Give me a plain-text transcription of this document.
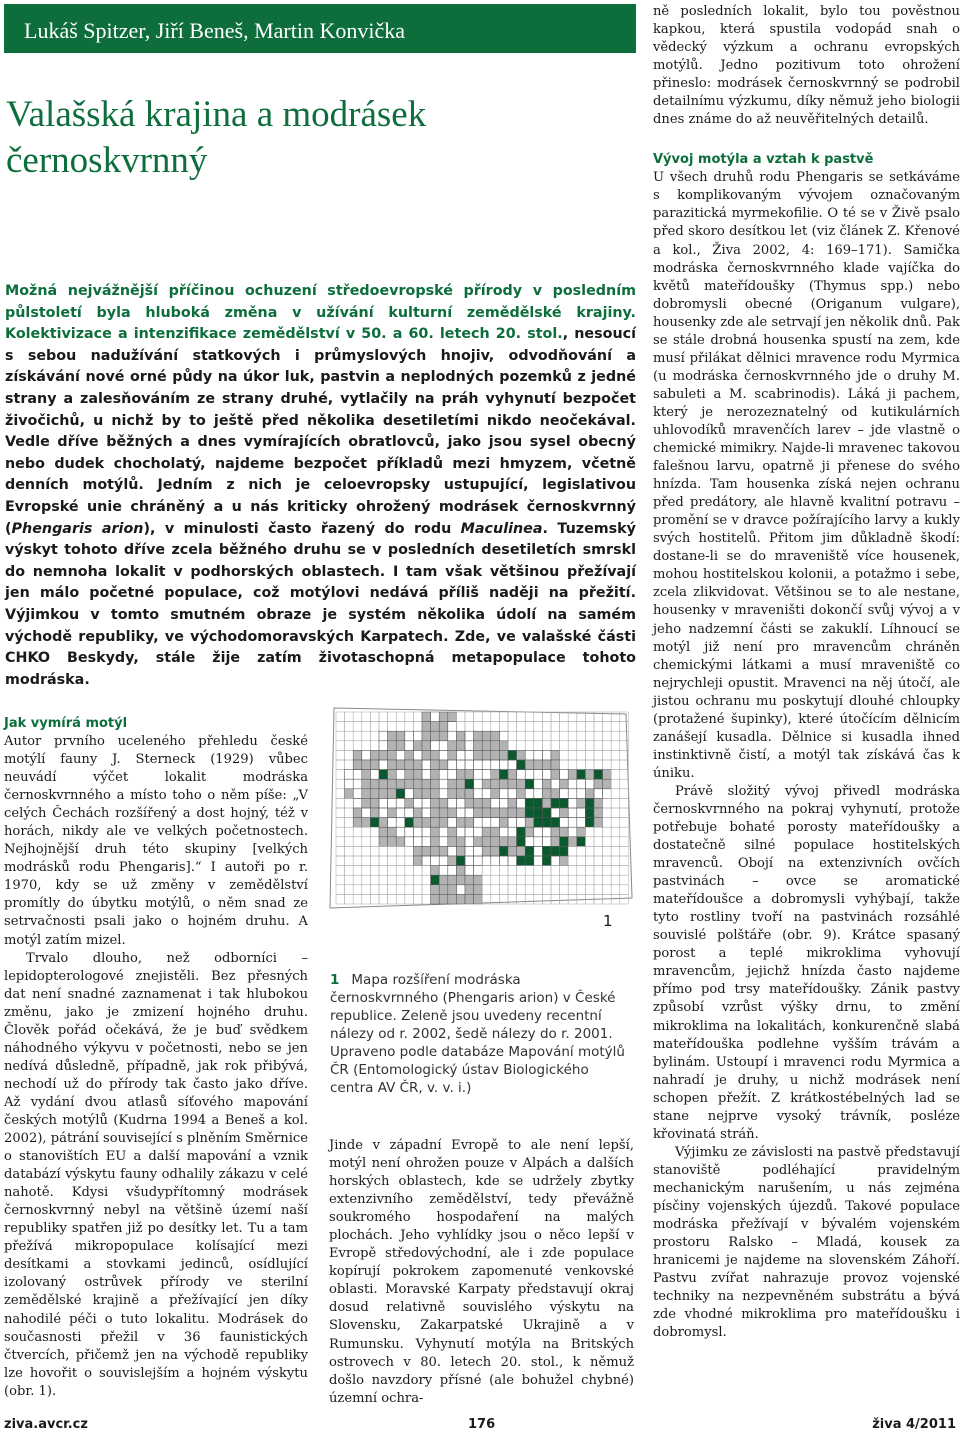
Lukáš Spitzer, Jiří Beneš, Martin Konvička
Valašská krajina a modrásek černoskvrnný
Možná nejvážnější příčinou ochuzení středoevropské přírody v posledním půlstoletí byla hluboká změna v užívání kulturní zemědělské krajiny. Kolektivizace a intenzifikace zemědělství v 50. a 60. letech 20. stol., nesoucí s sebou nadužívání statkových i průmyslových hnojiv, odvodňování a získávání nové orné půdy na úkor luk, pastvin a neplodných pozemků z jedné strany a zalesňováním ze strany druhé, vytlačily na práh vyhynutí bezpočet živočichů, u nichž by to ještě před několika desetiletími nikdo neočekával. Vedle dříve běžných a dnes vymírajících obratlovců, jako jsou sysel obecný nebo dudek chocholatý, najdeme bezpočet příkladů mezi hmyzem, včetně denních motýlů. Jedním z nich je celoevropsky ustupující, legislativou Evropské unie chráněný a u nás kriticky ohrožený modrásek černoskvrnný (Phengaris arion), v minulosti často řazený do rodu Maculinea. Tuzemský výskyt tohoto dříve zcela běžného druhu se v posledních desetiletích smrskl do nemnoha lokalit v podhorských oblastech. I tam však většinou přežívají jen málo početné populace, což motýlovi nedává příliš naději na přežití. Výjimkou v tomto smutném obraze je systém několika údolí na samém východě republiky, ve východomoravských Karpatech. Zde, ve valašské části CHKO Beskydy, stále žije zatím životaschopná metapopulace tohoto modráska.

Jak vymírá motýl

Autor prvního uceleného přehledu české motýlí fauny J. Sterneck (1929) vůbec neuvádí výčet lokalit modráska černoskvrnného a místo toho o něm píše: „V celých Čechách rozšířený a dost hojný, též v horách, nikdy ale ve velkých početnostech. Nejhojnější druh této skupiny [velkých modrásků rodu Phengaris].“ I autoři po r. 1970, kdy se už změny v zemědělství promítly do úbytku motýlů, o něm snad ze setrvačnosti psali jako o hojném druhu. A motýl zatím mizel.

Trvalo dlouho, než odborníci – lepidopterologové znejistěli. Bez přesných dat není snadné zaznamenat i tak hlubokou změnu, jako je zmizení hojného druhu. Člověk pořád očekává, že je buď svědkem náhodného výkyvu v početnosti, nebo se jen nedívá důsledně, případně, jak rok přibývá, nechodí už do přírody tak často jako dříve. Až vydání dvou atlasů síťového mapování českých motýlů (Kudrna 1994 a Beneš a kol. 2002), pátrání související s plněním Směrnice o stanovištích EU a další mapování a vznik databází výskytu fauny odhalily zákazu v celé nahotě. Kdysi všudypřítomný modrásek černoskvrnný nebyl na většině území naší republiky spatřen již po desítky let. Tu a tam přežívá mikropopulace kolísající mezi desítkami a stovkami jedinců, osídlující izolovaný ostrůvek přírody ve sterilní zemědělské krajině a přežívající jen díky nahodilé péči o tuto lokalitu. Modrásek do současnosti přežil v 36 faunistických čtvercích, přičemž jen na východě republiky lze hovořit o souvislejším a hojném výskytu (obr. 1).

1
1 Mapa rozšíření modráska černoskvrnného (Phengaris arion) v České republice. Zeleně jsou uvedeny recentní nálezy od r. 2002, šedě nálezy do r. 2001. Upraveno podle databáze Mapování motýlů ČR (Entomologický ústav Biologického centra AV ČR, v. v. i.)

Jinde v západní Evropě to ale není lepší, motýl není ohrožen pouze v Alpách a dalších horských oblastech, kde se udržely zbytky extenzivního zemědělství, tedy převážně soukromého hospodaření na malých plochách. Jeho vyhlídky jsou o něco lepší v Evropě středovýchodní, ale i zde populace kopírují pokrokem zapomenuté venkovské oblasti. Moravské Karpaty představují okraj dosud relativně souvislého výskytu na Slovensku, Zakarpatské Ukrajině a v Rumunsku. Vyhynutí motýla na Britských ostrovech v 80. letech 20. stol., k němuž došlo navzdory přísné (ale bohužel chybné) územní ochra-

ně posledních lokalit, bylo tou pověstnou kapkou, která spustila vodopád snah o vědecký výzkum a ochranu evropských motýlů. Jedno pozitivum toto ohrožení přineslo: modrásek černoskvrnný se podrobil detailnímu výzkumu, díky němuž jeho biologii dnes známe do až neuvěřitelných detailů.

Vývoj motýla a vztah k pastvě

U všech druhů rodu Phengaris se setkáváme s komplikovaným vývojem označovaným parazitická myrmekofilie. O té se v Živě psalo před skoro desítkou let (viz článek Z. Křenové a kol., Živa 2002, 4: 169–171). Samička modráska černoskvrnného klade vajíčka do květů mateřídoušky (Thymus spp.) nebo dobromysli obecné (Origanum vulgare), housenky zde ale setrvají jen několik dnů. Pak se stále drobná housenka spustí na zem, kde musí přilákat dělnici mravence rodu Myrmica (u modráska černoskvrnného jde o druhy M. sabuleti a M. scabrinodis). Láká ji pachem, který je nerozeznatelný od kutikulárních uhlovodíků mravenčích larev – jde vlastně o chemické mimikry. Najde-li mravenec takovou falešnou larvu, opatrně ji přenese do svého hnízda. Tam housenka získá nejen ochranu před predátory, ale hlavně kvalitní potravu – promění se v dravce požírajícího larvy a kukly svých hostitelů. Přitom jim důkladně škodí: dostane-li se do mraveniště více housenek, mohou hostitelskou kolonii, a potažmo i sebe, zcela zlikvidovat. Většinou se to ale nestane, housenky v mraveništi dokončí svůj vývoj a v jeho nadzemní části se zakuklí. Líhnoucí se motýl již není pro mravencům chráněn chemickými látkami a musí mraveniště co nejrychleji opustit. Mravenci na něj útočí, ale jistou ochranu mu poskytují dlouhé chloupky (protažené šupinky), které útočícím dělnicím zanášejí kusadla. Dělnice si kusadla ihned instinktivně čistí, a motýl tak získává čas k úniku.

Právě složitý vývoj přivedl modráska černoskvrnného na pokraj vyhynutí, protože potřebuje bohaté porosty mateřídoušky a dostatečně silné populace hostitelských mravenců. Obojí na extenzivních ovčích pastvinách – ovce se aromatické mateřídoušce a dobromysli vyhýbají, takže tyto rostliny tvoří na pastvinách rozsáhlé souvislé polštáře (obr. 9). Krátce spasaný porost a teplé mikroklima vyhovují mravencům, jejichž hnízda často najdeme přímo pod trsy mateřídoušky. Zánik pastvy způsobí vzrůst výšky drnu, to změní mikroklima na lokalitách, konkurenčně slabá mateřídouška podlehne vyšším trávám a bylinám. Ustoupí i mravenci rodu Myrmica a nahradí je druhy, u nichž modrásek není schopen přežít. Z krátkostébelných lad se stane nejprve vysoký trávník, posléze křovinatá stráň.

Výjimku ze závislosti na pastvě představují stanoviště podléhající pravidelným mechanickým narušením, u nás zejména písčiny vojenských újezdů. Takové populace modráska přežívají v bývalém vojenském prostoru Ralsko – Mladá, kousek za hranicemi je najdeme na slovenském Záhoří. Pastvu zvířat nahrazuje provoz vojenské techniky na nezpevněném substrátu a bývá zde vhodné mikroklima pro mateřídoušku i dobromysl.

ziva.avcr.cz	176	živa 4/2011
